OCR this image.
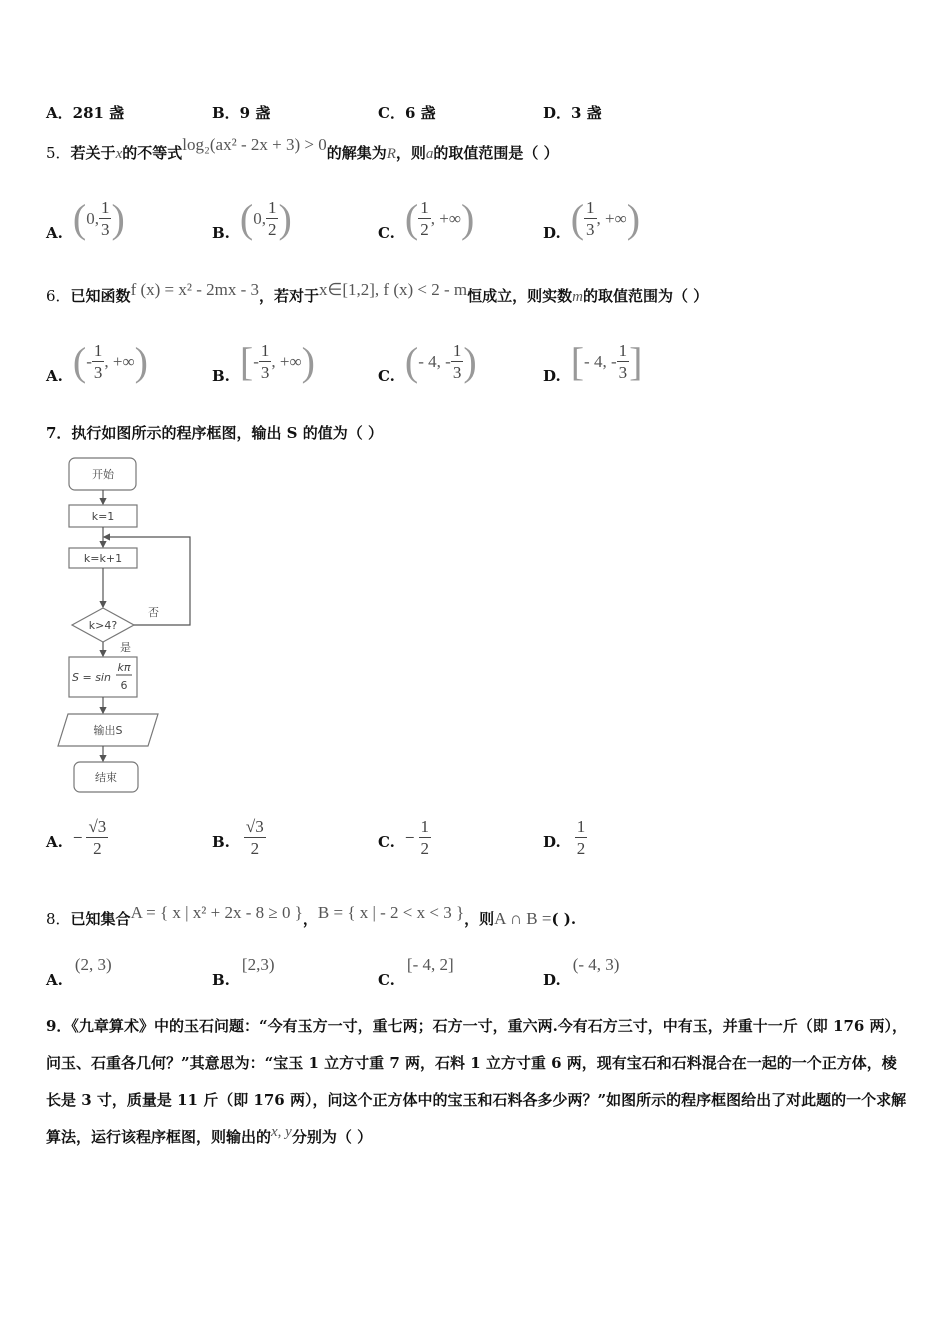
A．281 盏	B．9 盏	C．6 盏	D．3 盏
5．若关于x的不等式log₂(ax² - 2x + 3) > 0的解集为R，则a的取值范围是（ ）
A. ( 0, $\frac{1}{3}$ )	B. ( 0, $\frac{1}{2}$ )	C. ( $\frac{1}{2}$ , +∞ )	D. ( $\frac{1}{3}$ , +∞ )
6．已知函数f (x) = x² - 2mx - 3，若对于x∈[1,2], f (x) < 2 - m恒成立，则实数m的取值范围为（ ）
A. ( - $\frac{1}{3}$ , +∞ )	B. [ - $\frac{1}{3}$ , +∞ )	C. ( - 4, - $\frac{1}{3}$ )	D. [ - 4, - $\frac{1}{3}$ ]
7．执行如图所示的程序框图，输出 S 的值为（ ）
开始
k=1
k=k+1
k>4?
否
是
S = sin
kπ
6
输出S
结束
A. − $\frac{√3}{2}$	B. $\frac{√3}{2}$	C. − $\frac{1}{2}$	D. $\frac{1}{2}$
8．已知集合A = { x | x² + 2x - 8 ≥ 0 }，B = { x | - 2 < x < 3 }，则A ∩ B =( ).
A.(2, 3)
B.[2,3)
C.[- 4, 2]
D.(- 4, 3)
9．《九章算术》中的玉石问题：“今有玉方一寸，重七两；石方一寸，重六两.今有石方三寸，中有玉，并重十一斤（即 176 两），问玉、石重各几何？”其意思为：“宝玉 1 立方寸重 7 两，石料 1 立方寸重 6 两，现有宝石和石料混合在一起的一个正方体，棱长是 3 寸，质量是 11 斤（即 176 两），问这个正方体中的宝玉和石料各多少两？”如图所示的程序框图给出了对此题的一个求解算法，运行该程序框图，则输出的x, y分别为（ ）
